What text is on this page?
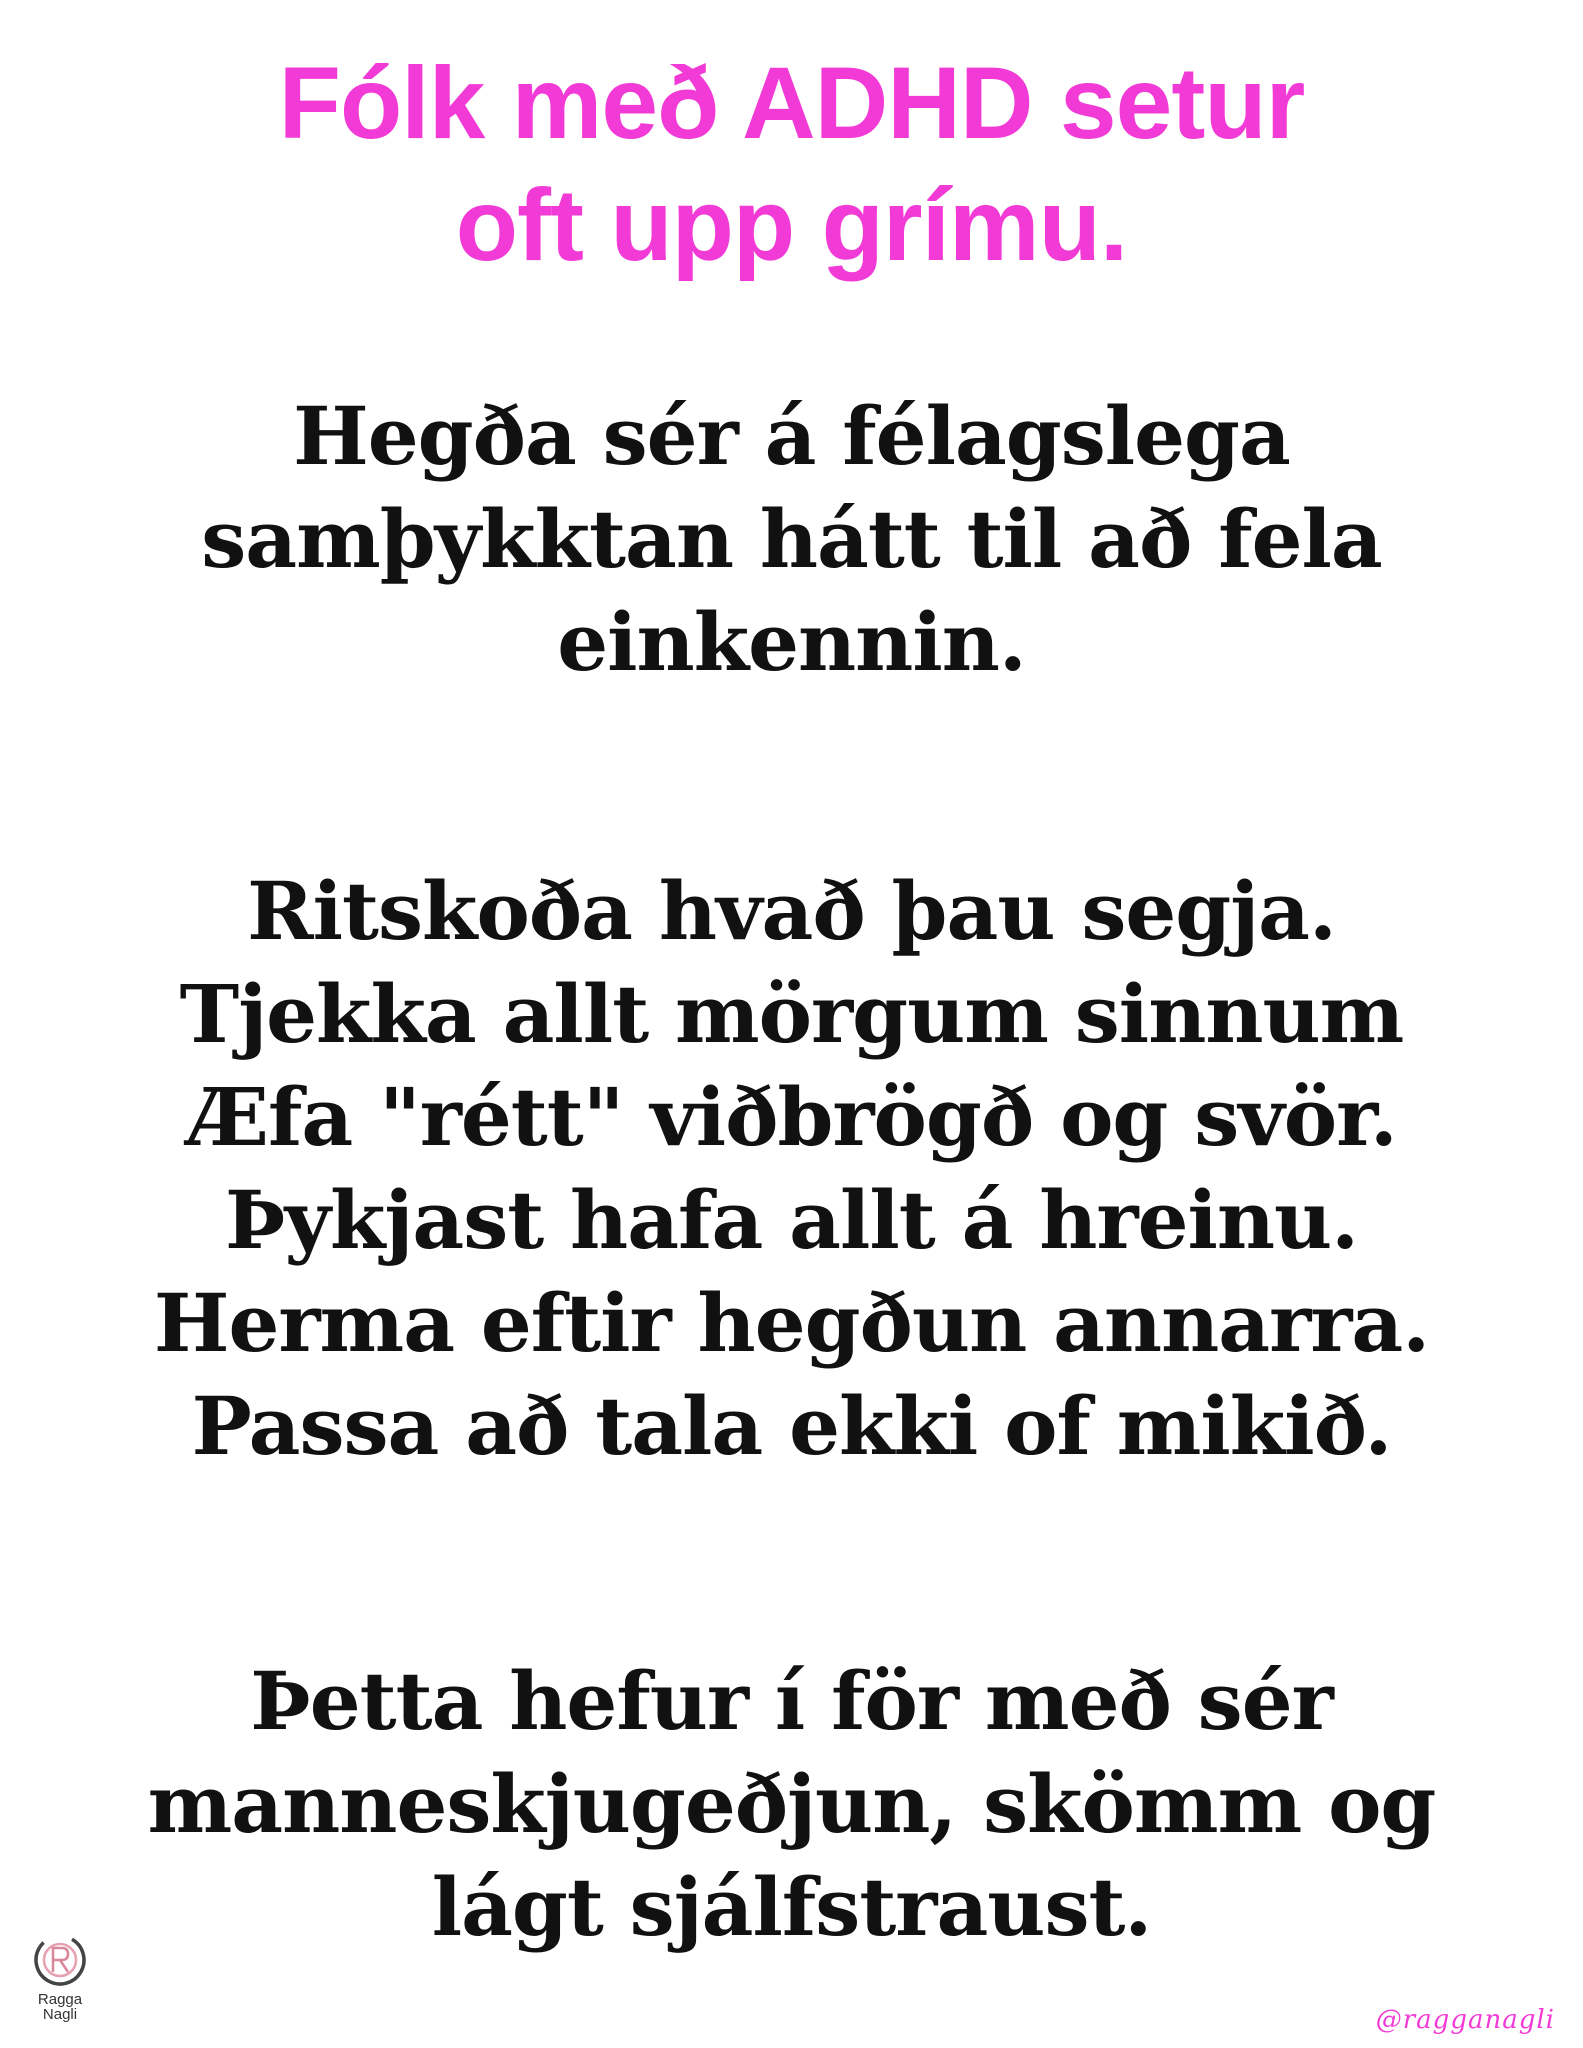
Fólk með ADHD setur
oft upp grímu.
Hegða sér á félagslega
samþykktan hátt til að fela
einkennin.
Ritskoða hvað þau segja.
Tjekka allt mörgum sinnum
Æfa "rétt" viðbrögð og svör.
Þykjast hafa allt á hreinu.
Herma eftir hegðun annarra.
Passa að tala ekki of mikið.
Þetta hefur í för með sér
manneskjugeðjun, skömm og
lágt sjálfstraust.
Ragga
Nagli	@ragganagli
